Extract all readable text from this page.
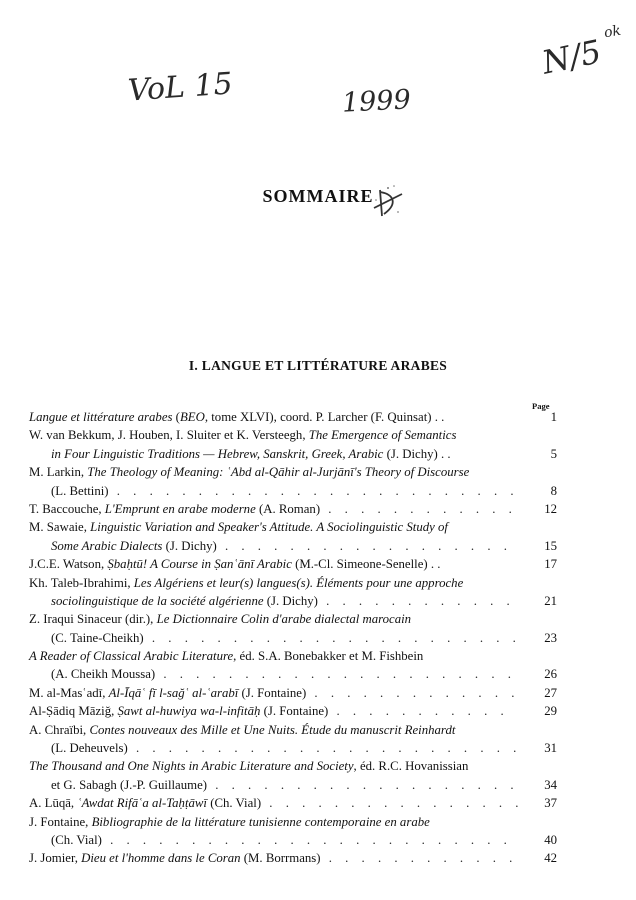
VoL 15	1999
N/5
ok
SOMMAIRE
I. LANGUE ET LITTÉRATURE ARABES
Page
Langue et littérature arabes (BEO, tome XLVI), coord. P. Larcher (F. Quinsat) . .	1
W. van Bekkum, J. Houben, I. Sluiter et K. Versteegh, The Emergence of Semantics
in Four Linguistic Traditions — Hebrew, Sanskrit, Greek, Arabic (J. Dichy) . .	5
M. Larkin, The Theology of Meaning: ʿAbd al-Qāhir al-Jurjānī's Theory of Discourse
(L. Bettini) . . . . . . . . . . . . . . . . . . . . . . . . .	8
T. Baccouche, L'Emprunt en arabe moderne (A. Roman) . . . . . . . . . . . .	12
M. Sawaie, Linguistic Variation and Speaker's Attitude. A Sociolinguistic Study of
Some Arabic Dialects (J. Dichy) . . . . . . . . . . . . . . . . . .	15
J.C.E. Watson, Ṣbaḥtū! A Course in Ṣanʿānī Arabic (M.-Cl. Simeone-Senelle) . .	17
Kh. Taleb-Ibrahimi, Les Algériens et leur(s) langues(s). Éléments pour une approche
sociolinguistique de la société algérienne (J. Dichy) . . . . . . . . . . . .	21
Z. Iraqui Sinaceur (dir.), Le Dictionnaire Colin d'arabe dialectal marocain
(C. Taine-Cheikh) . . . . . . . . . . . . . . . . . . . . . . .	23
A Reader of Classical Arabic Literature, éd. S.A. Bonebakker et M. Fishbein
(A. Cheikh Moussa) . . . . . . . . . . . . . . . . . . . . . .	26
M. al-Masʿadī, Al-Īqāʿ fī l-sağʿ al-ʿarabī (J. Fontaine) . . . . . . . . . . . . .	27
Al-Ṣādiq Māziğ, Ṣawt al-huwiya wa-l-infitāḥ (J. Fontaine) . . . . . . . . . . .	29
A. Chraïbi, Contes nouveaux des Mille et Une Nuits. Étude du manuscrit Reinhardt
(L. Deheuvels) . . . . . . . . . . . . . . . . . . . . . . . .	31
The Thousand and One Nights in Arabic Literature and Society, éd. R.C. Hovanissian
et G. Sabagh (J.-P. Guillaume) . . . . . . . . . . . . . . . . . . .	34
A. Lūqā, ʿAwdat Rifāʿa al-Taḥṭāwī (Ch. Vial) . . . . . . . . . . . . . . . .	37
J. Fontaine, Bibliographie de la littérature tunisienne contemporaine en arabe
(Ch. Vial) . . . . . . . . . . . . . . . . . . . . . . . . .	40
J. Jomier, Dieu et l'homme dans le Coran (M. Borrmans) . . . . . . . . . . . .	42
